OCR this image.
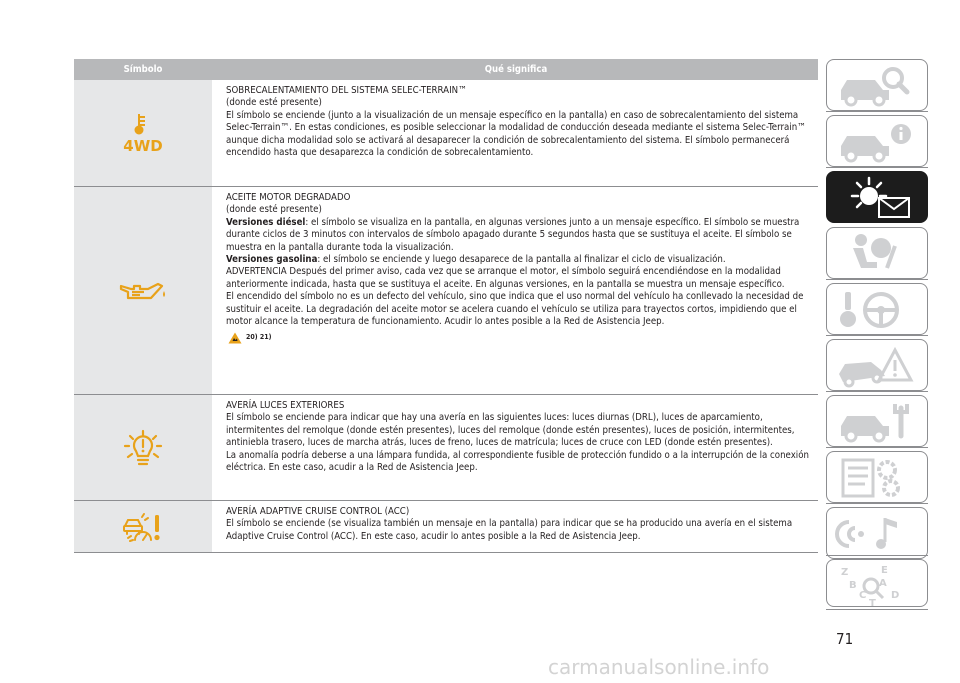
Símbolo	Qué significa
4WD

SOBRECALENTAMIENTO DEL SISTEMA SELEC-TERRAIN™

(donde esté presente)

El símbolo se enciende (junto a la visualización de un mensaje específico en la pantalla) en caso de sobrecalentamiento del sistema Selec-Terrain™. En estas condiciones, es posible seleccionar la modalidad de conducción deseada mediante el sistema Selec-Terrain™ aunque dicha modalidad solo se activará al desaparecer la condición de sobrecalentamiento del sistema. El símbolo permanecerá encendido hasta que desaparezca la condición de sobrecalentamiento.

ACEITE MOTOR DEGRADADO

(donde esté presente)

Versiones diésel: el símbolo se visualiza en la pantalla, en algunas versiones junto a un mensaje específico. El símbolo se muestra durante ciclos de 3 minutos con intervalos de símbolo apagado durante 5 segundos hasta que se sustituya el aceite. El símbolo se muestra en la pantalla durante toda la visualización.

Versiones gasolina: el símbolo se enciende y luego desaparece de la pantalla al finalizar el ciclo de visualización.

ADVERTENCIA Después del primer aviso, cada vez que se arranque el motor, el símbolo seguirá encendiéndose en la modalidad anteriormente indicada, hasta que se sustituya el aceite. En algunas versiones, en la pantalla se muestra un mensaje específico.

El encendido del símbolo no es un defecto del vehículo, sino que indica que el uso normal del vehículo ha conllevado la necesidad de sustituir el aceite. La degradación del aceite motor se acelera cuando el vehículo se utiliza para trayectos cortos, impidiendo que el motor alcance la temperatura de funcionamiento. Acudir lo antes posible a la Red de Asistencia Jeep.

20) 21)

AVERÍA LUCES EXTERIORES

El símbolo se enciende para indicar que hay una avería en las siguientes luces: luces diurnas (DRL), luces de aparcamiento, intermitentes del remolque (donde estén presentes), luces del remolque (donde estén presentes), luces de posición, intermitentes, antiniebla trasero, luces de marcha atrás, luces de freno, luces de matrícula; luces de cruce con LED (donde estén presentes).

La anomalía podría deberse a una lámpara fundida, al correspondiente fusible de protección fundido o a la interrupción de la conexión eléctrica. En este caso, acudir a la Red de Asistencia Jeep.

AVERÍA ADAPTIVE CRUISE CONTROL (ACC)

El símbolo se enciende (se visualiza también un mensaje en la pantalla) para indicar que se ha producido una avería en el sistema Adaptive Cruise Control (ACC). En este caso, acudir lo antes posible a la Red de Asistencia Jeep.

Z	E
B A
C D
T
71
carmanualsonline.info
